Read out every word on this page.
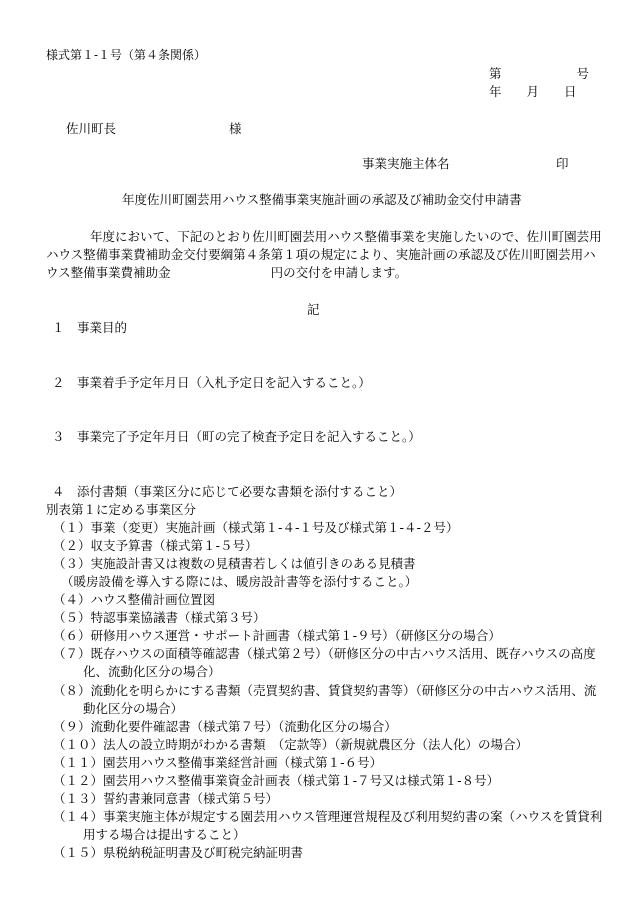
様式第１-１号（第４条関係）
第　　　　　　号
年　　月　　日
佐川町長	様
事業実施主体名	印
年度佐川町園芸用ハウス整備事業実施計画の承認及び補助金交付申請書
年度において、下記のとおり佐川町園芸用ハウス整備事業を実施したいので、佐川町園芸用
ハウス整備事業費補助金交付要綱第４条第１項の規定により、実施計画の承認及び佐川町園芸用ハ
ウス整備事業費補助金　　　　　　　　円の交付を申請します。
記
１　事業目的
２　事業着手予定年月日（入札予定日を記入すること。）
３　事業完了予定年月日（町の完了検査予定日を記入すること。）
４　添付書類（事業区分に応じて必要な書類を添付すること）
別表第１に定める事業区分
（１）事業（変更）実施計画（様式第１-４-１号及び様式第１-４-２号）
（２）収支予算書（様式第１-５号）
（３）実施設計書又は複数の見積書若しくは値引きのある見積書
（暖房設備を導入する際には、暖房設計書等を添付すること。）
（４）ハウス整備計画位置図
（５）特認事業協議書（様式第３号）
（６）研修用ハウス運営・サポート計画書（様式第１-９号）（研修区分の場合）
（７）既存ハウスの面積等確認書（様式第２号）（研修区分の中古ハウス活用、既存ハウスの高度
化、流動化区分の場合）
（８）流動化を明らかにする書類（売買契約書、賃貸契約書等）（研修区分の中古ハウス活用、流
動化区分の場合）
（９）流動化要件確認書（様式第７号）（流動化区分の場合）
（１０）法人の設立時期がわかる書類　（定款等）（新規就農区分（法人化）の場合）
（１１）園芸用ハウス整備事業経営計画（様式第１-６号）
（１２）園芸用ハウス整備事業資金計画表（様式第１-７号又は様式第１-８号）
（１３）誓約書兼同意書（様式第５号）
（１４）事業実施主体が規定する園芸用ハウス管理運営規程及び利用契約書の案（ハウスを賃貸利
用する場合は提出すること）
（１５）県税納税証明書及び町税完納証明書
